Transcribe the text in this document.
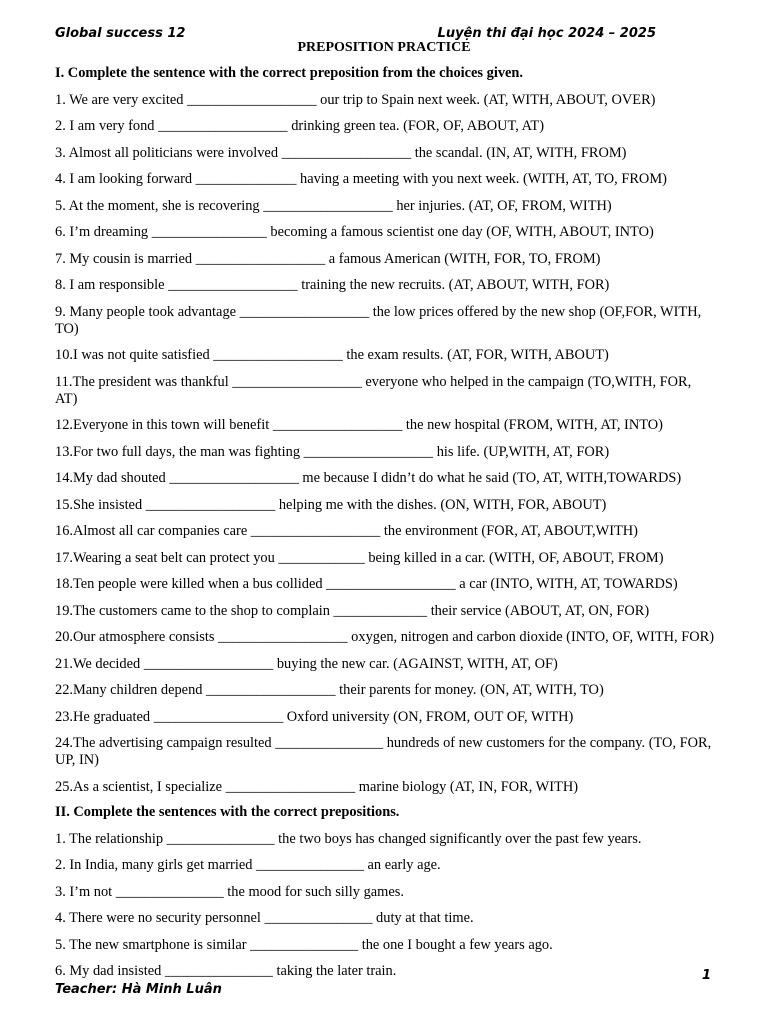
Global success 12	Luyện thi đại học 2024 – 2025
PREPOSITION PRACTICE
I. Complete the sentence with the correct preposition from the choices given.
1. We are very excited __________________ our trip to Spain next week. (AT, WITH, ABOUT, OVER)
2. I am very fond __________________ drinking green tea. (FOR, OF, ABOUT, AT)
3. Almost all politicians were involved __________________ the scandal. (IN, AT, WITH, FROM)
4. I am looking forward ______________ having a meeting with you next week. (WITH, AT, TO, FROM)
5. At the moment, she is recovering __________________ her injuries. (AT, OF, FROM, WITH)
6. I’m dreaming ________________ becoming a famous scientist one day (OF, WITH, ABOUT, INTO)
7. My cousin is married __________________ a famous American (WITH, FOR, TO, FROM)
8. I am responsible __________________ training the new recruits. (AT, ABOUT, WITH, FOR)
9. Many people took advantage __________________ the low prices offered by the new shop (OF,FOR, WITH, TO)
10.I was not quite satisfied __________________ the exam results. (AT, FOR, WITH, ABOUT)
11.The president was thankful __________________ everyone who helped in the campaign (TO,WITH, FOR, AT)
12.Everyone in this town will benefit __________________ the new hospital (FROM, WITH, AT, INTO)
13.For two full days, the man was fighting __________________ his life. (UP,WITH, AT, FOR)
14.My dad shouted __________________ me because I didn’t do what he said (TO, AT, WITH,TOWARDS)
15.She insisted __________________ helping me with the dishes. (ON, WITH, FOR, ABOUT)
16.Almost all car companies care __________________ the environment (FOR, AT, ABOUT,WITH)
17.Wearing a seat belt can protect you ____________ being killed in a car. (WITH, OF, ABOUT, FROM)
18.Ten people were killed when a bus collided __________________ a car (INTO, WITH, AT, TOWARDS)
19.The customers came to the shop to complain _____________ their service (ABOUT, AT, ON, FOR)
20.Our atmosphere consists __________________ oxygen, nitrogen and carbon dioxide (INTO, OF, WITH, FOR)
21.We decided __________________ buying the new car. (AGAINST, WITH, AT, OF)
22.Many children depend __________________ their parents for money. (ON, AT, WITH, TO)
23.He graduated __________________ Oxford university (ON, FROM, OUT OF, WITH)
24.The advertising campaign resulted _______________ hundreds of new customers for the company. (TO, FOR, UP, IN)
25.As a scientist, I specialize __________________ marine biology (AT, IN, FOR, WITH)
II. Complete the sentences with the correct prepositions.
1. The relationship _______________ the two boys has changed significantly over the past few years.
2. In India, many girls get married _______________ an early age.
3. I’m not _______________ the mood for such silly games.
4. There were no security personnel _______________ duty at that time.
5. The new smartphone is similar _______________ the one I bought a few years ago.
6. My dad insisted _______________ taking the later train.	1
Teacher: Hà Minh Luân
